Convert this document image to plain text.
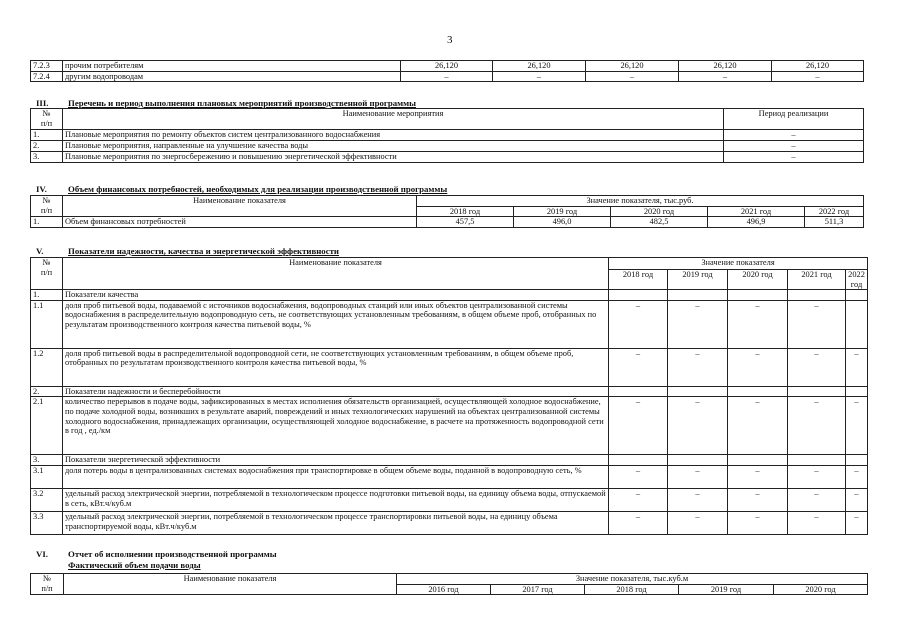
3
7.2.3	прочим потребителям	26,120	26,120	26,120	26,120	26,120
7.2.4	другим водопроводам	–	–	–	–	–
III. Перечень и период выполнения плановых мероприятий производственной программы
№
п/п	Наименование мероприятия	Период реализации
1.	Плановые мероприятия по ремонту объектов систем централизованного водоснабжения	–
2.	Плановые мероприятия, направленные на улучшение качества воды	–
3.	Плановые мероприятия по энергосбережению и повышению энергетической эффективности	–
IV. Объем финансовых потребностей, необходимых для реализации производственной программы
№
п/п	Наименование показателя	Значение показателя, тыс.руб.				
		2018 год	2019 год	2020 год	2021 год	2022 год
1.	Объем финансовых потребностей	457,5	496,0	482,5	496,9	511,3
V.	Показатели надежности, качества и энергетической эффективности
№
п/п	Наименование показателя	Значение показателя				
		2018 год	2019 год	2020 год	2021 год	2022 год
1.	Показатели качества					
1.1	доля проб питьевой воды, подаваемой с источников водоснабжения, водопроводных станций или иных объектов централизованной системы водоснабжения в распределительную водопроводную сеть, не соответствующих установленным требованиям, в общем объеме проб, отобранных по результатам производственного контроля качества питьевой воды, %	–	–	–	–	
1.2	доля проб питьевой воды в распределительной водопроводной сети, не соответствующих установленным требованиям, в общем объеме проб, отобранных по результатам производственного контроля качества питьевой воды, %	–	–	–	–	–
2.	Показатели надежности и бесперебойности					
2.1	количество перерывов в подаче воды, зафиксированных в местах исполнения обязательств организацией, осуществляющей холодное водоснабжение, по подаче холодной воды, возникших в результате аварий, повреждений и иных технологических нарушений на объектах централизованной системы холодного водоснабжения, принадлежащих организации, осуществляющей холодное водоснабжение, в расчете на протяженность водопроводной сети в год , ед./км	–	–	–	–	–
3.	Показатели энергетической эффективности					
3.1	доля потерь воды в централизованных системах водоснабжения при транспортировке в общем объеме воды, поданной в водопроводную сеть, %	–	–	–	–	–
3.2	удельный расход электрической энергии, потребляемой в технологическом процессе подготовки питьевой воды, на единицу объема воды, отпускаемой в сеть, кВт.ч/куб.м	–	–	–	–	–
3.3	удельный расход электрической энергии, потребляемой в технологическом процессе транспортировки питьевой воды, на единицу объема транспортируемой воды, кВт.ч/куб.м	–	–	–	–	–
VI. Отчет об исполнении производственной программы
Фактический объем подачи воды
№
п/п	Наименование показателя	Значение показателя, тыс.куб.м				
		2016 год	2017 год	2018 год	2019 год	2020 год
